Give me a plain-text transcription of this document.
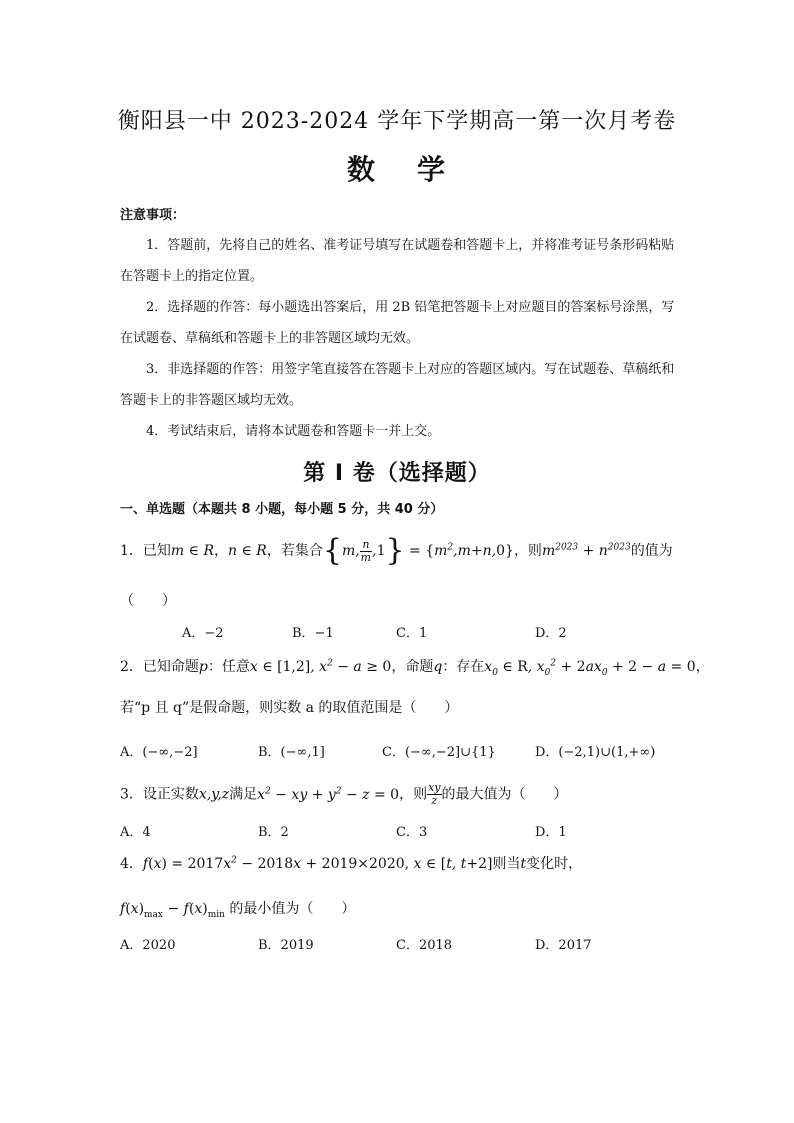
衡阳县一中 2023-2024 学年下学期高一第一次月考卷
数 学
注意事项：
1．答题前，先将自己的姓名、准考证号填写在试题卷和答题卡上，并将准考证号条形码粘贴在答题卡上的指定位置。
2．选择题的作答：每小题选出答案后，用 2B 铅笔把答题卡上对应题目的答案标号涂黑，写在试题卷、草稿纸和答题卡上的非答题区域均无效。
3．非选择题的作答：用签字笔直接答在答题卡上对应的答题区域内。写在试题卷、草稿纸和答题卡上的非答题区域均无效。
4．考试结束后，请将本试题卷和答题卡一并上交。
第 I 卷（选择题）
一、单选题（本题共 8 小题，每小题 5 分，共 40 分）
1．已知m ∈ R，n ∈ R，若集合{m, $\frac{n}{m} ,1\} = \{m^2,m+n,0\}$，则$m^{2023} + n^{2023}$的值为
（　　）
A．−2	B．−1	C．1	D．2
2．已知命题p：任意x ∈ [1,2], $x^2 - a \ge 0$，命题q：存在$x_0$ ∈ R, $x_0^2 + 2ax_0 + 2 - a = 0$，
若“p 且 q”是假命题，则实数 a 的取值范围是（　　）
A．(−∞,−2]	B．(−∞,1]	C．(−∞,−2]∪{1}	D．(−2,1)∪(1,+∞)
3．设正实数x,y,z满足$x^2$ − xy + $y^2 - z = 0$，则 $\frac{xy}{z}$ 的最大值为（　　）
A．4	B．2	C．3	D．1
4．$f(x) = 2017x^2 - 2018x + 2019\times 2020$, x ∈ [t, t+2]则当t变化时，
$f(x)_{max} - f(x)_{min}$ 的最小值为（　　）
A．2020	B．2019	C．2018	D．2017
